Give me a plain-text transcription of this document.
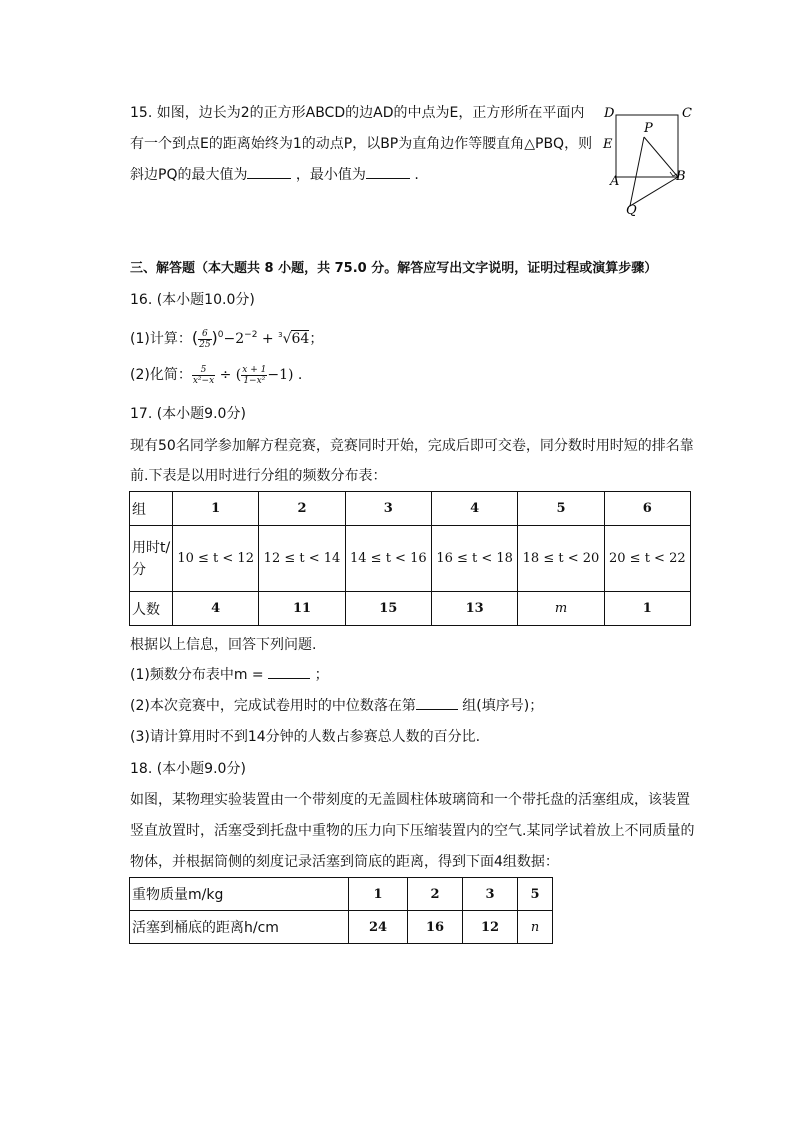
15. 如图，边长为2的正方形ABCD的边AD的中点为E，正方形所在平面内
有一个到点E的距离始终为1的动点P，以BP为直角边作等腰直角△PBQ，则
斜边PQ的最大值为	，最小值为	.
D	C
P
E
A	B
Q
三、解答题（本大题共 8 小题，共 75.0 分。解答应写出文字说明，证明过程或演算步骤）
16. (本小题10.0分)
(1)计算：( $\frac{6}{25} )^0-2^{-2} + ^3√64$；
(2)化简： $\frac{5}{\text{x²−x}}$ ÷ ( $\frac{x + 1}{\text{1−x²}} -1$) .
17. (本小题9.0分)
现有50名同学参加解方程竞赛，竞赛同时开始，完成后即可交卷，同分数时用时短的排名靠
前.下表是以用时进行分组的频数分布表：
组	1	2	3	4	5	6
用时t/分	10 ≤ t < 12	12 ≤ t < 14	14 ≤ t < 16	16 ≤ t < 18	18 ≤ t < 20	20 ≤ t < 22
人数	4	11	15	13	m	1
根据以上信息，回答下列问题.
(1)频数分布表中m =	；
(2)本次竞赛中，完成试卷用时的中位数落在第	组(填序号)；
(3)请计算用时不到14分钟的人数占参赛总人数的百分比.
18. (本小题9.0分)
如图，某物理实验装置由一个带刻度的无盖圆柱体玻璃筒和一个带托盘的活塞组成，该装置
竖直放置时，活塞受到托盘中重物的压力向下压缩装置内的空气.某同学试着放上不同质量的
物体，并根据筒侧的刻度记录活塞到筒底的距离，得到下面4组数据：
重物质量m/kg	1	2	3	5
活塞到桶底的距离h/cm	24	16	12	n
